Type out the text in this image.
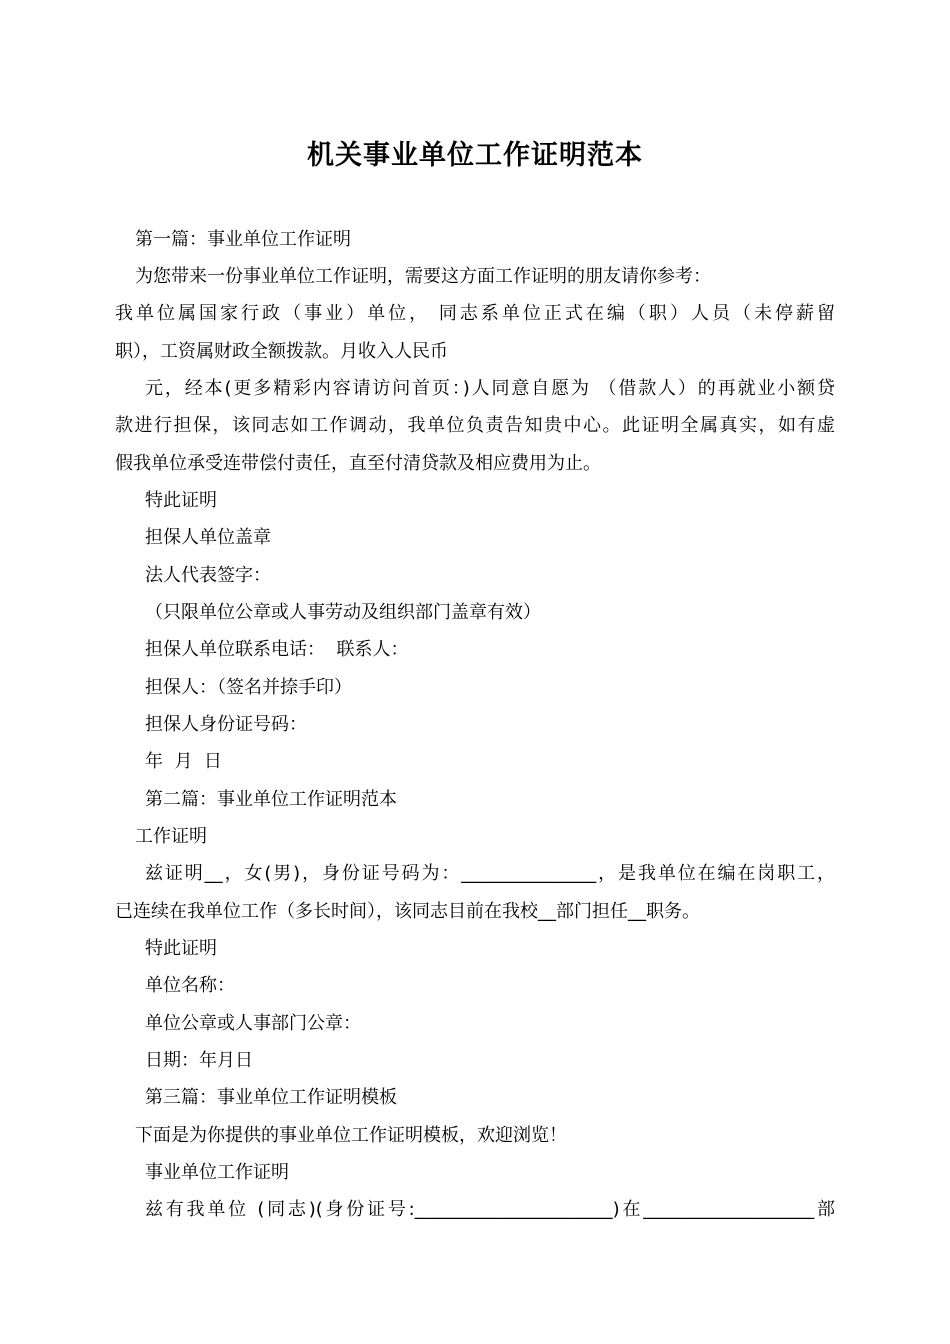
机关事业单位工作证明范本
第一篇：事业单位工作证明
为您带来一份事业单位工作证明，需要这方面工作证明的朋友请你参考：
我单位属国家行政（事业）单位， 同志系单位正式在编（职）人员（未停薪留
职），工资属财政全额拨款。月收入人民币
元，经本(更多精彩内容请访问首页：)人同意自愿为 （借款人）的再就业小额贷
款进行担保，该同志如工作调动，我单位负责告知贵中心。此证明全属真实，如有虚
假我单位承受连带偿付责任，直至付清贷款及相应费用为止。
特此证明
担保人单位盖章
法人代表签字：
（只限单位公章或人事劳动及组织部门盖章有效）
担保人单位联系电话：  联系人：
担保人：（签名并捺手印）
担保人身份证号码：
年  月  日
第二篇：事业单位工作证明范本
工作证明
兹证明__，女(男)，身份证号码为：_______________，是我单位在编在岗职工，
已连续在我单位工作（多长时间），该同志目前在我校__部门担任__职务。
特此证明
单位名称：
单位公章或人事部门公章：
日期：年月日
第三篇：事业单位工作证明模板
下面是为你提供的事业单位工作证明模板，欢迎浏览！
事业单位工作证明
兹有我单位 (同志)(身份证号:______________________)在___________________部
